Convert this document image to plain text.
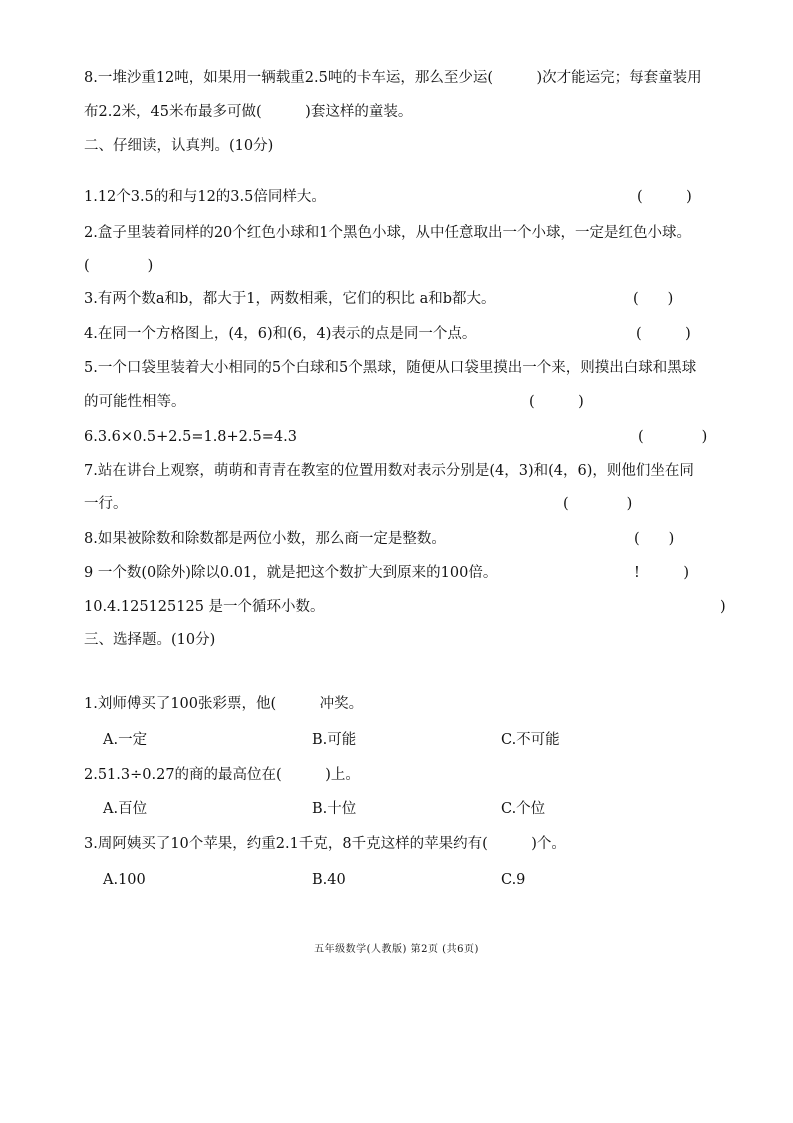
8.一堆沙重12吨，如果用一辆载重2.5吨的卡车运，那么至少运(　　　)次才能运完；每套童装用
布2.2米，45米布最多可做(　　　)套这样的童装。
二、仔细读，认真判。(10分)
1.12个3.5的和与12的3.5倍同样大。	(　　　)
2.盒子里装着同样的20个红色小球和1个黑色小球，从中任意取出一个小球，一定是红色小球。
(　　　　)
3.有两个数a和b，都大于1，两数相乘，它们的积比 a和b都大。	(　　)
4.在同一个方格图上，(4，6)和(6，4)表示的点是同一个点。	(　　　)
5.一个口袋里装着大小相同的5个白球和5个黑球，随便从口袋里摸出一个来，则摸出白球和黑球
的可能性相等。	(　　　)
6.3.6×0.5+2.5=1.8+2.5=4.3	(　　　　)
7.站在讲台上观察，萌萌和青青在教室的位置用数对表示分别是(4，3)和(4，6)，则他们坐在同
一行。	(　　　　)
8.如果被除数和除数都是两位小数，那么商一定是整数。	(　　)
9 一个数(0除外)除以0.01，就是把这个数扩大到原来的100倍。	!　　　)
10.4.125125125 是一个循环小数。	)
三、选择题。(10分)
1.刘师傅买了100张彩票，他(　　　冲奖。
A.一定	B.可能	C.不可能
2.51.3÷0.27的商的最高位在(　　　)上。
A.百位	B.十位	C.个位
3.周阿姨买了10个苹果，约重2.1千克，8千克这样的苹果约有(　　　)个。
A.100	B.40	C.9
五年级数学(人教版) 第2页 (共6页)
